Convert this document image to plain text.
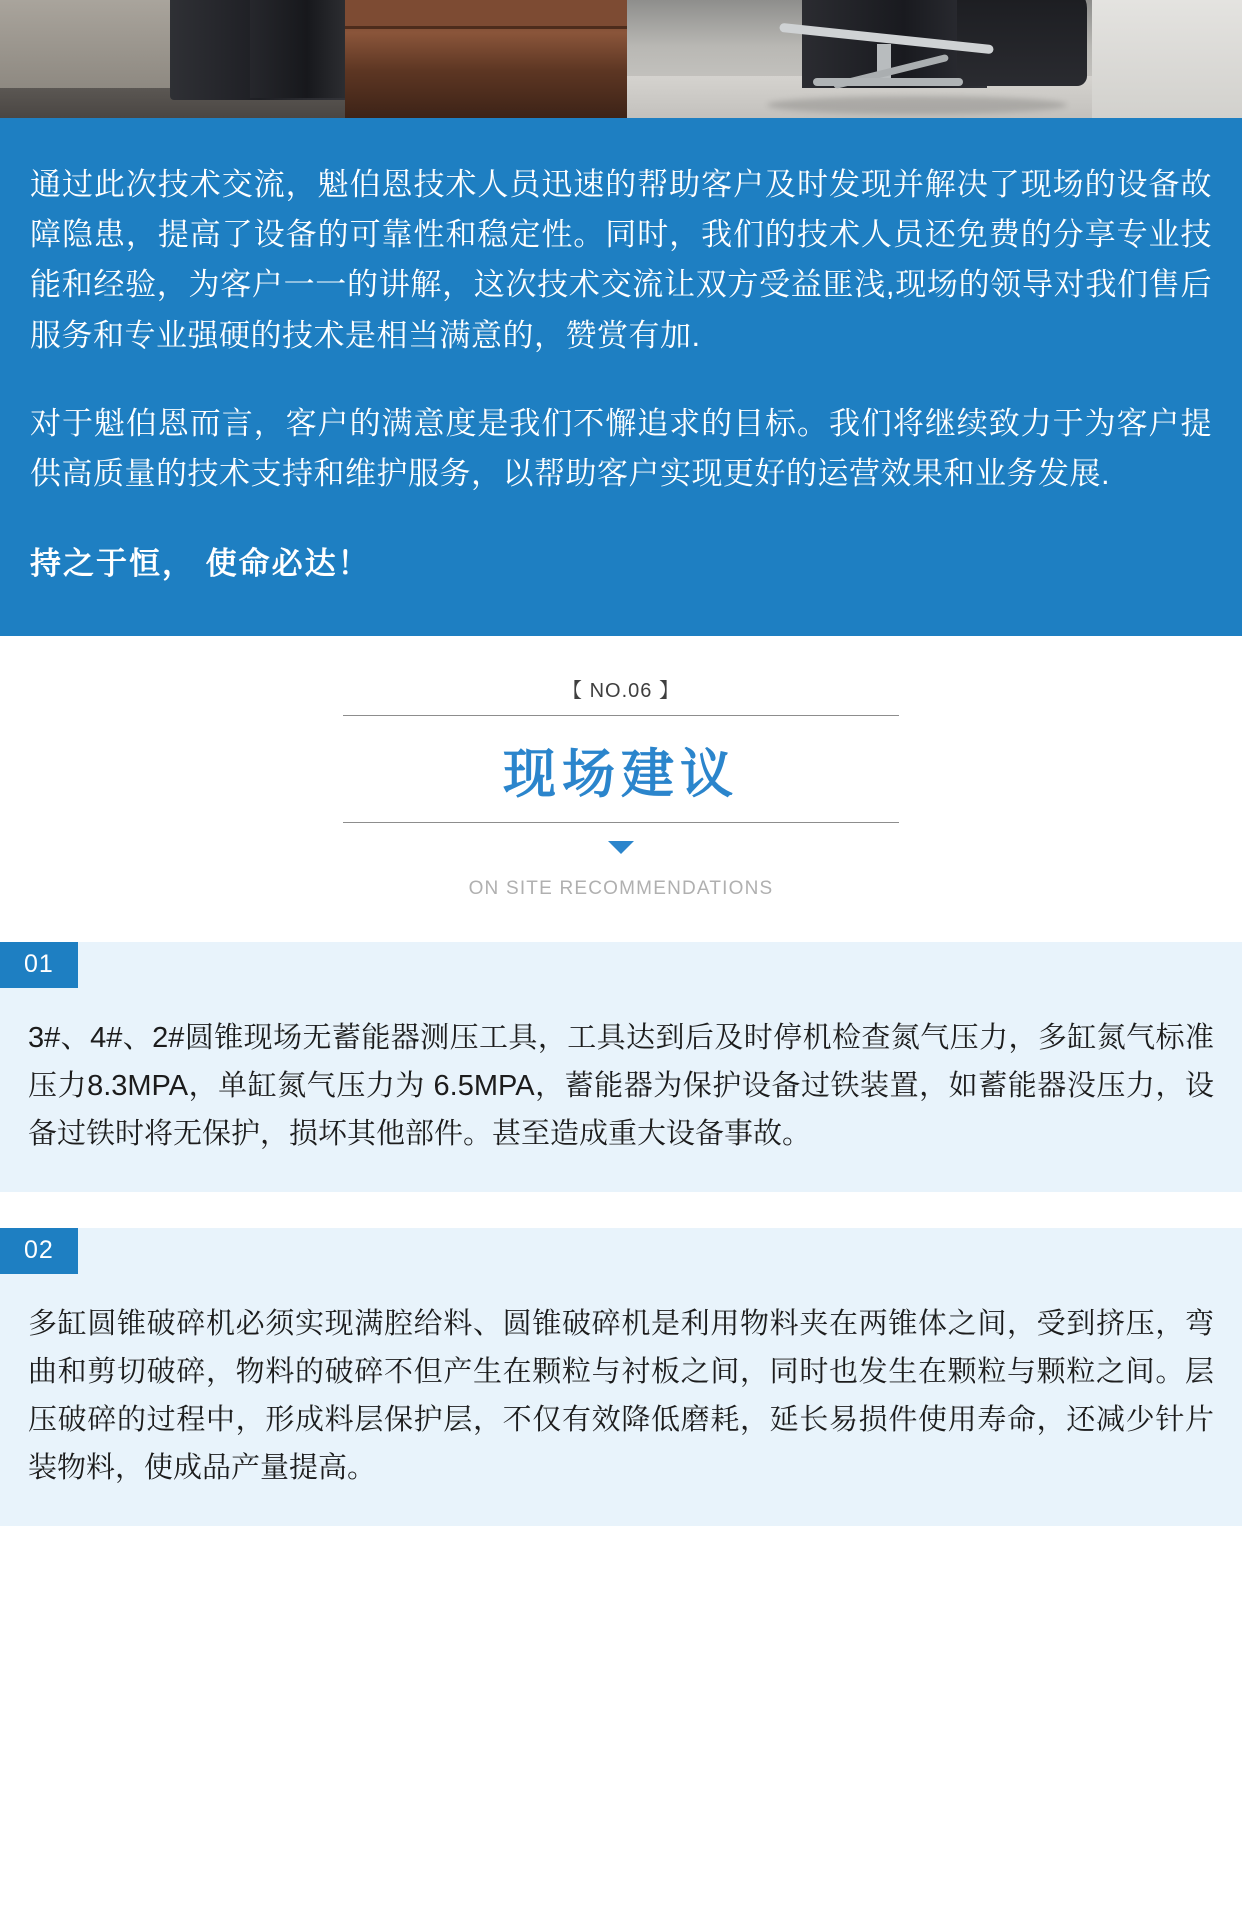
通过此次技术交流，魁伯恩技术人员迅速的帮助客户及时发现并解决了现场的设备故障隐患，提高了设备的可靠性和稳定性。同时，我们的技术人员还免费的分享专业技能和经验，为客户一一的讲解，这次技术交流让双方受益匪浅,现场的领导对我们售后服务和专业强硬的技术是相当满意的，赞赏有加.

对于魁伯恩而言，客户的满意度是我们不懈追求的目标。我们将继续致力于为客户提供高质量的技术支持和维护服务，以帮助客户实现更好的运营效果和业务发展.

持之于恒， 使命必达！

【 NO.06 】
现场建议
ON SITE RECOMMENDATIONS
01
3#、4#、2#圆锥现场无蓄能器测压工具，工具达到后及时停机检查氮气压力，多缸氮气标准压力8.3MPA，单缸氮气压力为 6.5MPA，蓄能器为保护设备过铁装置，如蓄能器没压力，设备过铁时将无保护，损坏其他部件。甚至造成重大设备事故。
02
多缸圆锥破碎机必须实现满腔给料、圆锥破碎机是利用物料夹在两锥体之间，受到挤压，弯曲和剪切破碎，物料的破碎不但产生在颗粒与衬板之间，同时也发生在颗粒与颗粒之间。层压破碎的过程中，形成料层保护层，不仅有效降低磨耗，延长易损件使用寿命，还减少针片装物料，使成品产量提高。
